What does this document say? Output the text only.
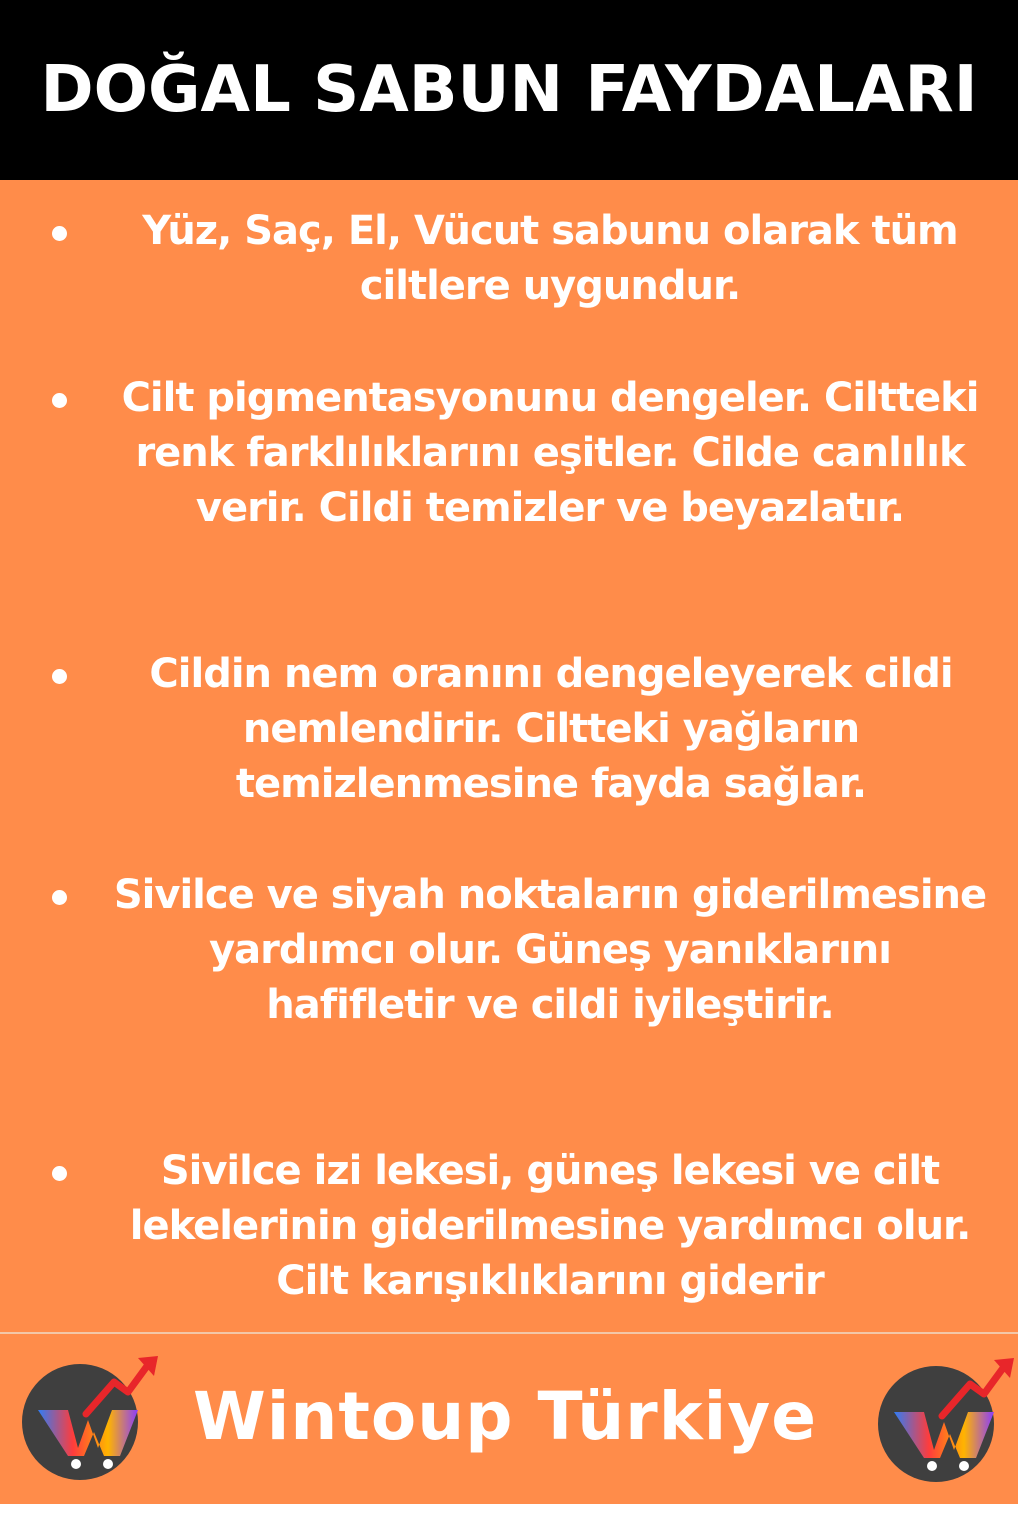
DOĞAL SABUN FAYDALARI

Yüz, Saç, El, Vücut sabunu olarak tüm ciltlere uygundur.

Cilt pigmentasyonunu dengeler. Ciltteki renk farklılıklarını eşitler. Cilde canlılık verir. Cildi temizler ve beyazlatır.

Cildin nem oranını dengeleyerek cildi nemlendirir. Ciltteki yağların temizlenmesine fayda sağlar.

Sivilce ve siyah noktaların giderilmesine yardımcı olur. Güneş yanıklarını hafifletir ve cildi iyileştirir.

Sivilce izi lekesi, güneş lekesi ve cilt lekelerinin giderilmesine yardımcı olur. Cilt karışıklıklarını giderir

Wintoup Türkiye
